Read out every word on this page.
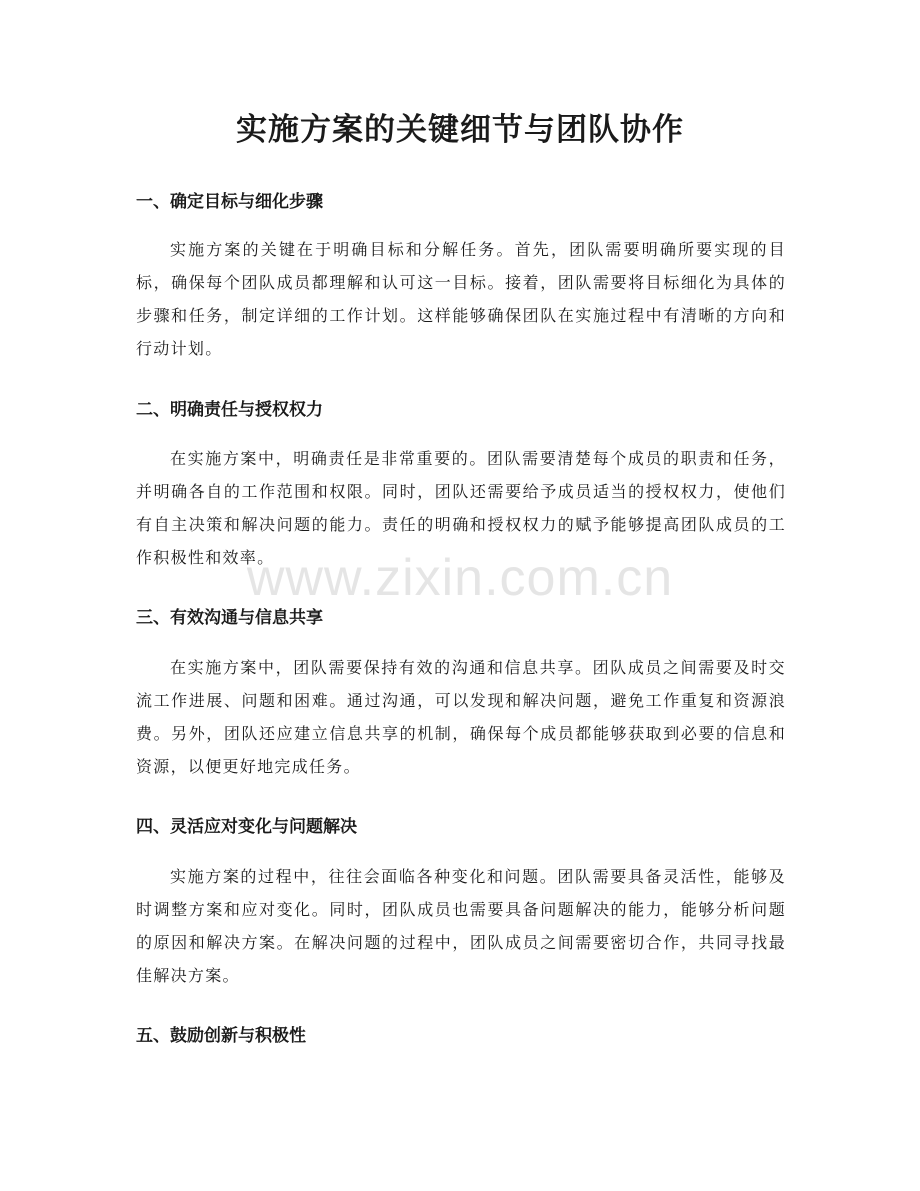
实施方案的关键细节与团队协作
一、确定目标与细化步骤

实施方案的关键在于明确目标和分解任务。首先，团队需要明确所要实现的目标，确保每个团队成员都理解和认可这一目标。接着，团队需要将目标细化为具体的步骤和任务，制定详细的工作计划。这样能够确保团队在实施过程中有清晰的方向和行动计划。

二、明确责任与授权权力

在实施方案中，明确责任是非常重要的。团队需要清楚每个成员的职责和任务，并明确各自的工作范围和权限。同时，团队还需要给予成员适当的授权权力，使他们有自主决策和解决问题的能力。责任的明确和授权权力的赋予能够提高团队成员的工作积极性和效率。

三、有效沟通与信息共享

在实施方案中，团队需要保持有效的沟通和信息共享。团队成员之间需要及时交流工作进展、问题和困难。通过沟通，可以发现和解决问题，避免工作重复和资源浪费。另外，团队还应建立信息共享的机制，确保每个成员都能够获取到必要的信息和资源，以便更好地完成任务。

四、灵活应对变化与问题解决

实施方案的过程中，往往会面临各种变化和问题。团队需要具备灵活性，能够及时调整方案和应对变化。同时，团队成员也需要具备问题解决的能力，能够分析问题的原因和解决方案。在解决问题的过程中，团队成员之间需要密切合作，共同寻找最佳解决方案。

五、鼓励创新与积极性
www.zixin.com.cn
